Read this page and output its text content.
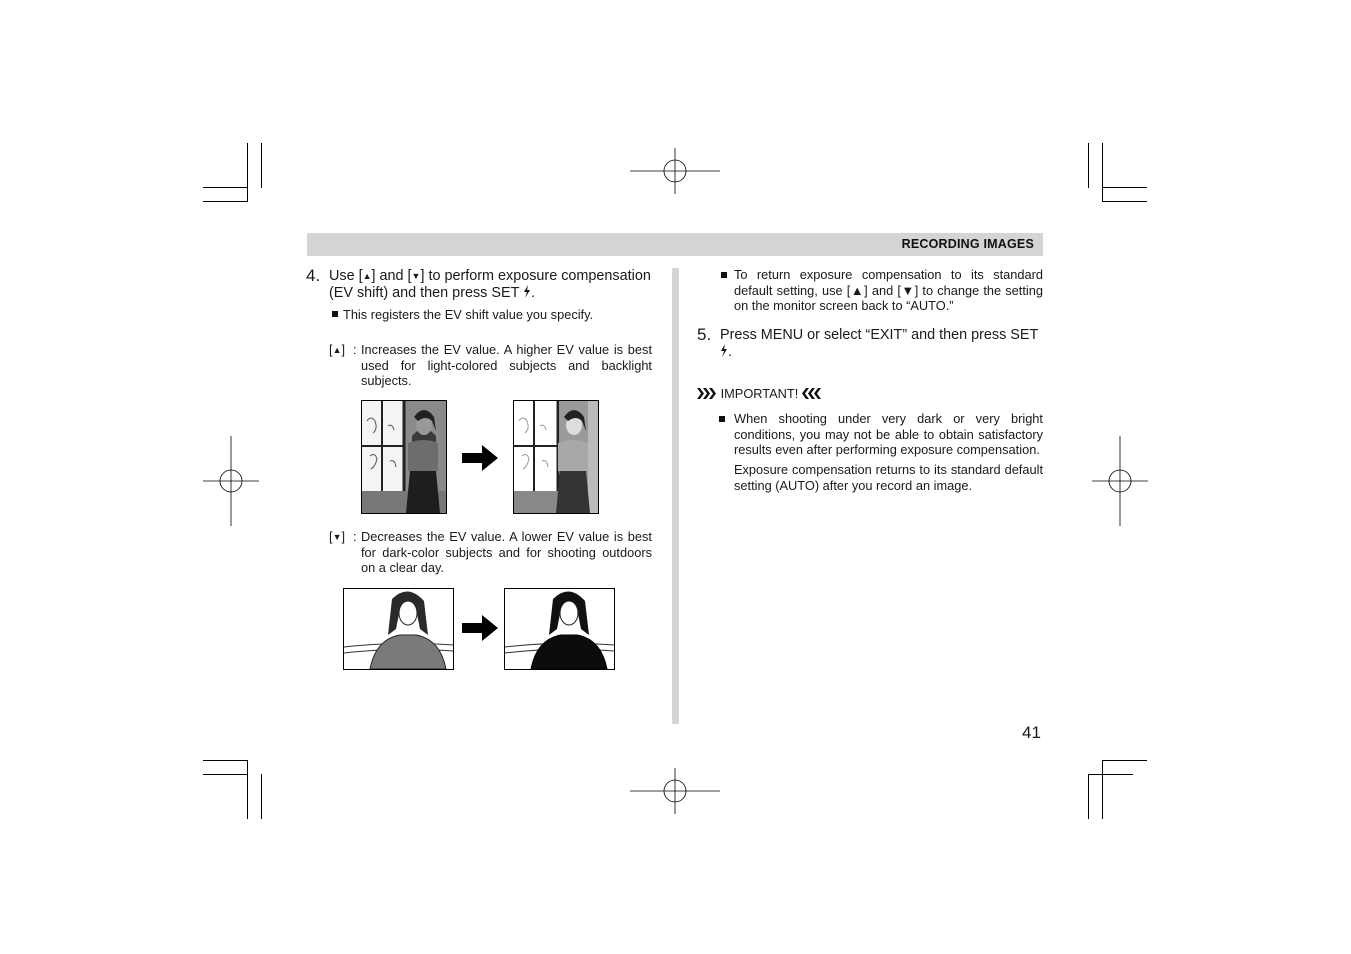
RECORDING IMAGES
4. Use [▲] and [▼] to perform exposure compensation
(EV shift) and then press SET .
This registers the EV shift value you specify.
[▲] : Increases the EV value. A higher EV value is best used for light-colored subjects and backlight subjects.
[▼] : Decreases the EV value. A lower EV value is best for dark-color subjects and for shooting outdoors on a clear day.
To return exposure compensation to its standard default setting, use [▲] and [▼] to change the setting on the monitor screen back to “AUTO.”
5. Press MENU or select “EXIT” and then press SET
.
IMPORTANT!
When shooting under very dark or very bright conditions, you may not be able to obtain satisfactory results even after performing exposure compensation.
Exposure compensation returns to its standard default setting (AUTO) after you record an image.
41
